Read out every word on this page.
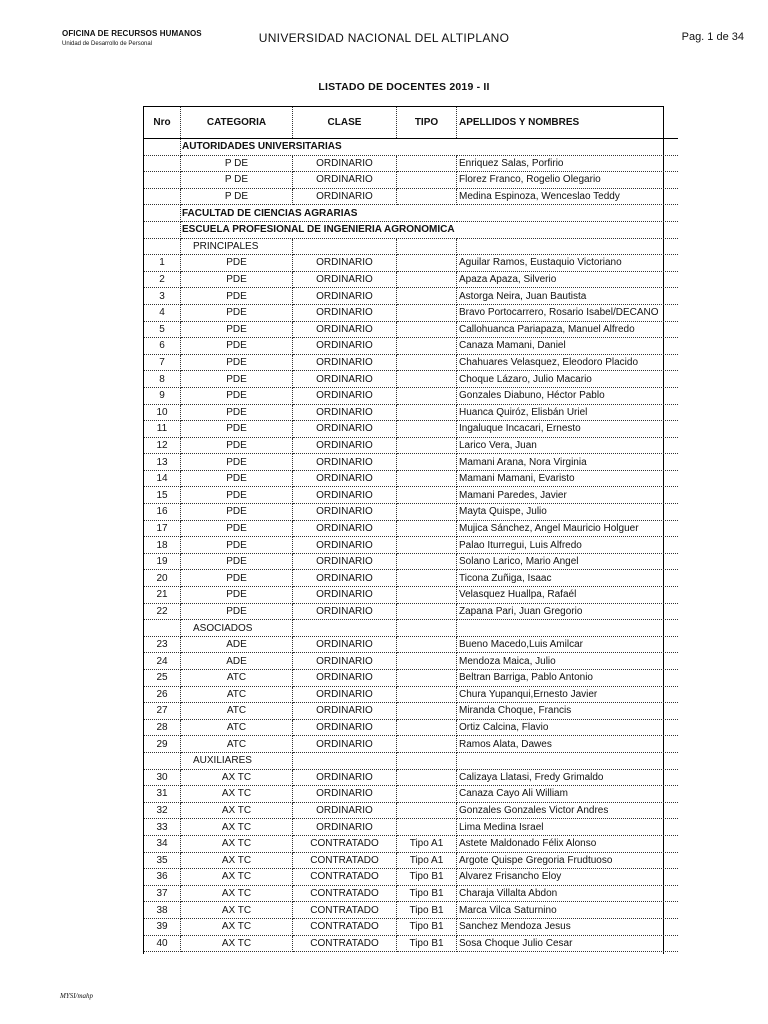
OFICINA DE RECURSOS HUMANOS
Unidad de Desarrollo de Personal	UNIVERSIDAD NACIONAL DEL ALTIPLANO	Pag. 1 de 34
LISTADO DE DOCENTES 2019 - II
Nro	CATEGORIA	CLASE	TIPO	APELLIDOS Y NOMBRES
	AUTORIDADES UNIVERSITARIAS			
	P DE	ORDINARIO		Enriquez Salas, Porfirio
	P DE	ORDINARIO		Florez Franco, Rogelio Olegario
	P DE	ORDINARIO		Medina Espinoza, Wenceslao Teddy
	FACULTAD DE CIENCIAS AGRARIAS			
	ESCUELA PROFESIONAL DE INGENIERIA AGRONOMICA			
	PRINCIPALES			
1	PDE	ORDINARIO		Aguilar Ramos, Eustaquio Victoriano
2	PDE	ORDINARIO		Apaza Apaza, Silverio
3	PDE	ORDINARIO		Astorga Neira, Juan Bautista
4	PDE	ORDINARIO		Bravo Portocarrero, Rosario Isabel/DECANO
5	PDE	ORDINARIO		Callohuanca Pariapaza, Manuel Alfredo
6	PDE	ORDINARIO		Canaza Mamani, Daniel
7	PDE	ORDINARIO		Chahuares Velasquez, Eleodoro Placido
8	PDE	ORDINARIO		Choque Lázaro, Julio Macario
9	PDE	ORDINARIO		Gonzales Diabuno, Héctor Pablo
10	PDE	ORDINARIO		Huanca Quiróz, Elisbán Uriel
11	PDE	ORDINARIO		Ingaluque Incacari, Ernesto
12	PDE	ORDINARIO		Larico Vera, Juan
13	PDE	ORDINARIO		Mamani Arana, Nora Virginia
14	PDE	ORDINARIO		Mamani Mamani, Evaristo
15	PDE	ORDINARIO		Mamani Paredes, Javier
16	PDE	ORDINARIO		Mayta Quispe, Julio
17	PDE	ORDINARIO		Mujica Sánchez, Angel Mauricio Holguer
18	PDE	ORDINARIO		Palao Iturregui, Luis Alfredo
19	PDE	ORDINARIO		Solano Larico, Mario Angel
20	PDE	ORDINARIO		Ticona Zuñiga, Isaac
21	PDE	ORDINARIO		Velasquez Huallpa, Rafaél
22	PDE	ORDINARIO		Zapana Pari, Juan Gregorio
	ASOCIADOS			
23	ADE	ORDINARIO		Bueno Macedo,Luis Amilcar
24	ADE	ORDINARIO		Mendoza Maica, Julio
25	ATC	ORDINARIO		Beltran Barriga, Pablo Antonio
26	ATC	ORDINARIO		Chura Yupanqui,Ernesto Javier
27	ATC	ORDINARIO		Miranda Choque, Francis
28	ATC	ORDINARIO		Ortiz Calcina, Flavio
29	ATC	ORDINARIO		Ramos Alata, Dawes
	AUXILIARES			
30	AX TC	ORDINARIO		Calizaya Llatasi, Fredy Grimaldo
31	AX TC	ORDINARIO		Canaza Cayo Ali William
32	AX TC	ORDINARIO		Gonzales Gonzales Victor Andres
33	AX TC	ORDINARIO		Lima Medina Israel
34	AX TC	CONTRATADO	Tipo A1	Astete Maldonado Félix Alonso
35	AX TC	CONTRATADO	Tipo A1	Argote Quispe Gregoria Frudtuoso
36	AX TC	CONTRATADO	Tipo B1	Alvarez Frisancho Eloy
37	AX TC	CONTRATADO	Tipo B1	Charaja Villalta Abdon
38	AX TC	CONTRATADO	Tipo B1	Marca Vilca Saturnino
39	AX TC	CONTRATADO	Tipo B1	Sanchez Mendoza Jesus
40	AX TC	CONTRATADO	Tipo B1	Sosa Choque Julio Cesar
MYSI/mahp
